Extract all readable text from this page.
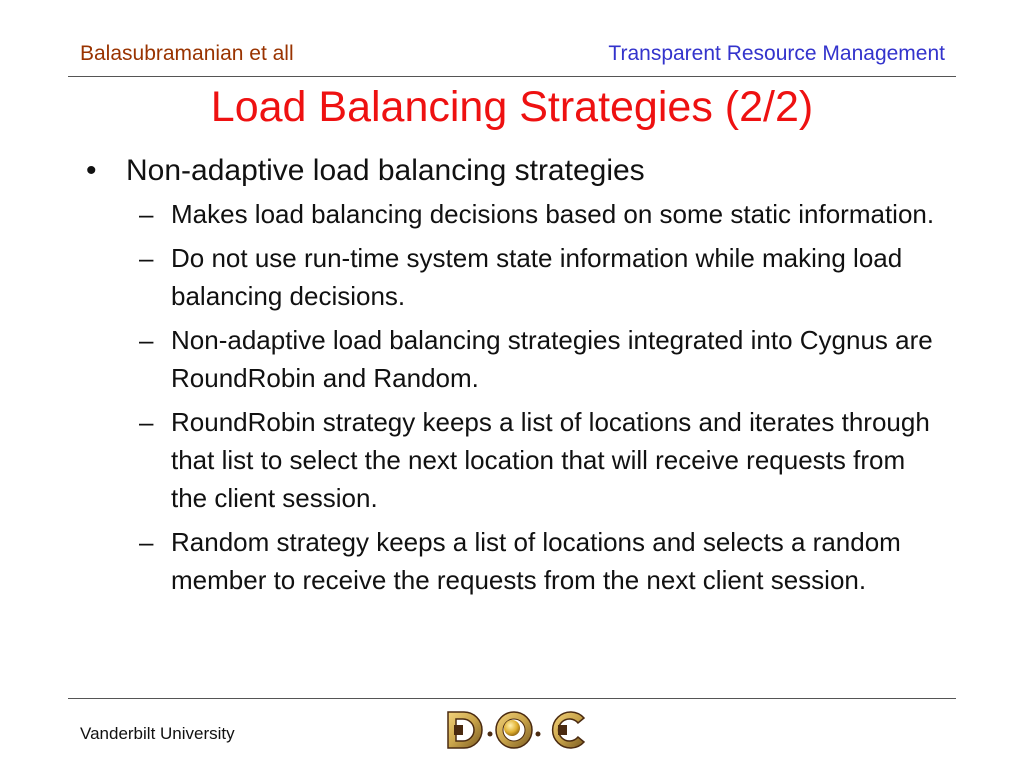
Balasubramanian et all	Transparent Resource Management
Load Balancing Strategies (2/2)
• Non-adaptive load balancing strategies
– Makes load balancing decisions based on some static information.
– Do not use run-time system state information while making load balancing decisions.
– Non-adaptive load balancing strategies integrated into Cygnus are RoundRobin and Random.
– RoundRobin strategy keeps a list of locations and iterates through that list to select the next location that will receive requests from the client session.
– Random strategy keeps a list of locations and selects a random member to receive the requests from the next client session.
Vanderbilt University
